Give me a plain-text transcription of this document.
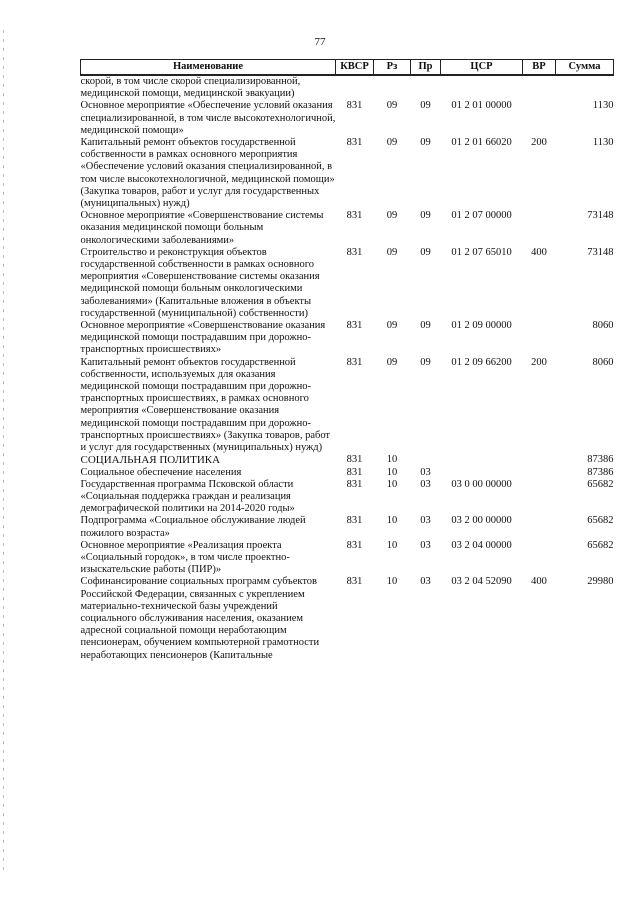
77
Наименование	КВСР	Рз	Пр	ЦСР	ВР	Сумма
скорой, в том числе скорой специализированной, медицинской помощи, медицинской эвакуации)						
Основное мероприятие «Обеспечение условий оказания специализированной, в том числе высокотехнологичной, медицинской помощи»	831	09	09	01 2 01 00000		1130
Капитальный ремонт объектов государственной собственности в рамках основного мероприятия «Обеспечение условий оказания специализированной, в том числе высокотехнологичной, медицинской помощи» (Закупка товаров, работ и услуг для государственных (муниципальных) нужд)	831	09	09	01 2 01 66020	200	1130
Основное мероприятие «Совершенствование системы оказания медицинской помощи больным онкологическими заболеваниями»	831	09	09	01 2 07 00000		73148
Строительство и реконструкция объектов государственной собственности в рамках основного мероприятия «Совершенствование системы оказания медицинской помощи больным онкологическими заболеваниями» (Капитальные вложения в объекты государственной (муниципальной) собственности)	831	09	09	01 2 07 65010	400	73148
Основное мероприятие «Совершенствование оказания медицинской помощи пострадавшим при дорожно-транспортных происшествиях»	831	09	09	01 2 09 00000		8060
Капитальный ремонт объектов государственной собственности, используемых для оказания медицинской помощи пострадавшим при дорожно-транспортных происшествиях, в рамках основного мероприятия «Совершенствование оказания медицинской помощи пострадавшим при дорожно-транспортных происшествиях» (Закупка товаров, работ и услуг для государственных (муниципальных) нужд)	831	09	09	01 2 09 66200	200	8060
СОЦИАЛЬНАЯ ПОЛИТИКА	831	10				87386
Социальное обеспечение населения	831	10	03			87386
Государственная программа Псковской области «Социальная поддержка граждан и реализация демографической политики на 2014-2020 годы»	831	10	03	03 0 00 00000		65682
Подпрограмма «Социальное обслуживание людей пожилого возраста»	831	10	03	03 2 00 00000		65682
Основное мероприятие «Реализация проекта «Социальный городок», в том числе проектно-изыскательские работы (ПИР)»	831	10	03	03 2 04 00000		65682
Софинансирование социальных программ субъектов Российской Федерации, связанных с укреплением материально-технической базы учреждений социального обслуживания населения, оказанием адресной социальной помощи неработающим пенсионерам, обучением компьютерной грамотности неработающих пенсионеров (Капитальные	831	10	03	03 2 04 52090	400	29980
